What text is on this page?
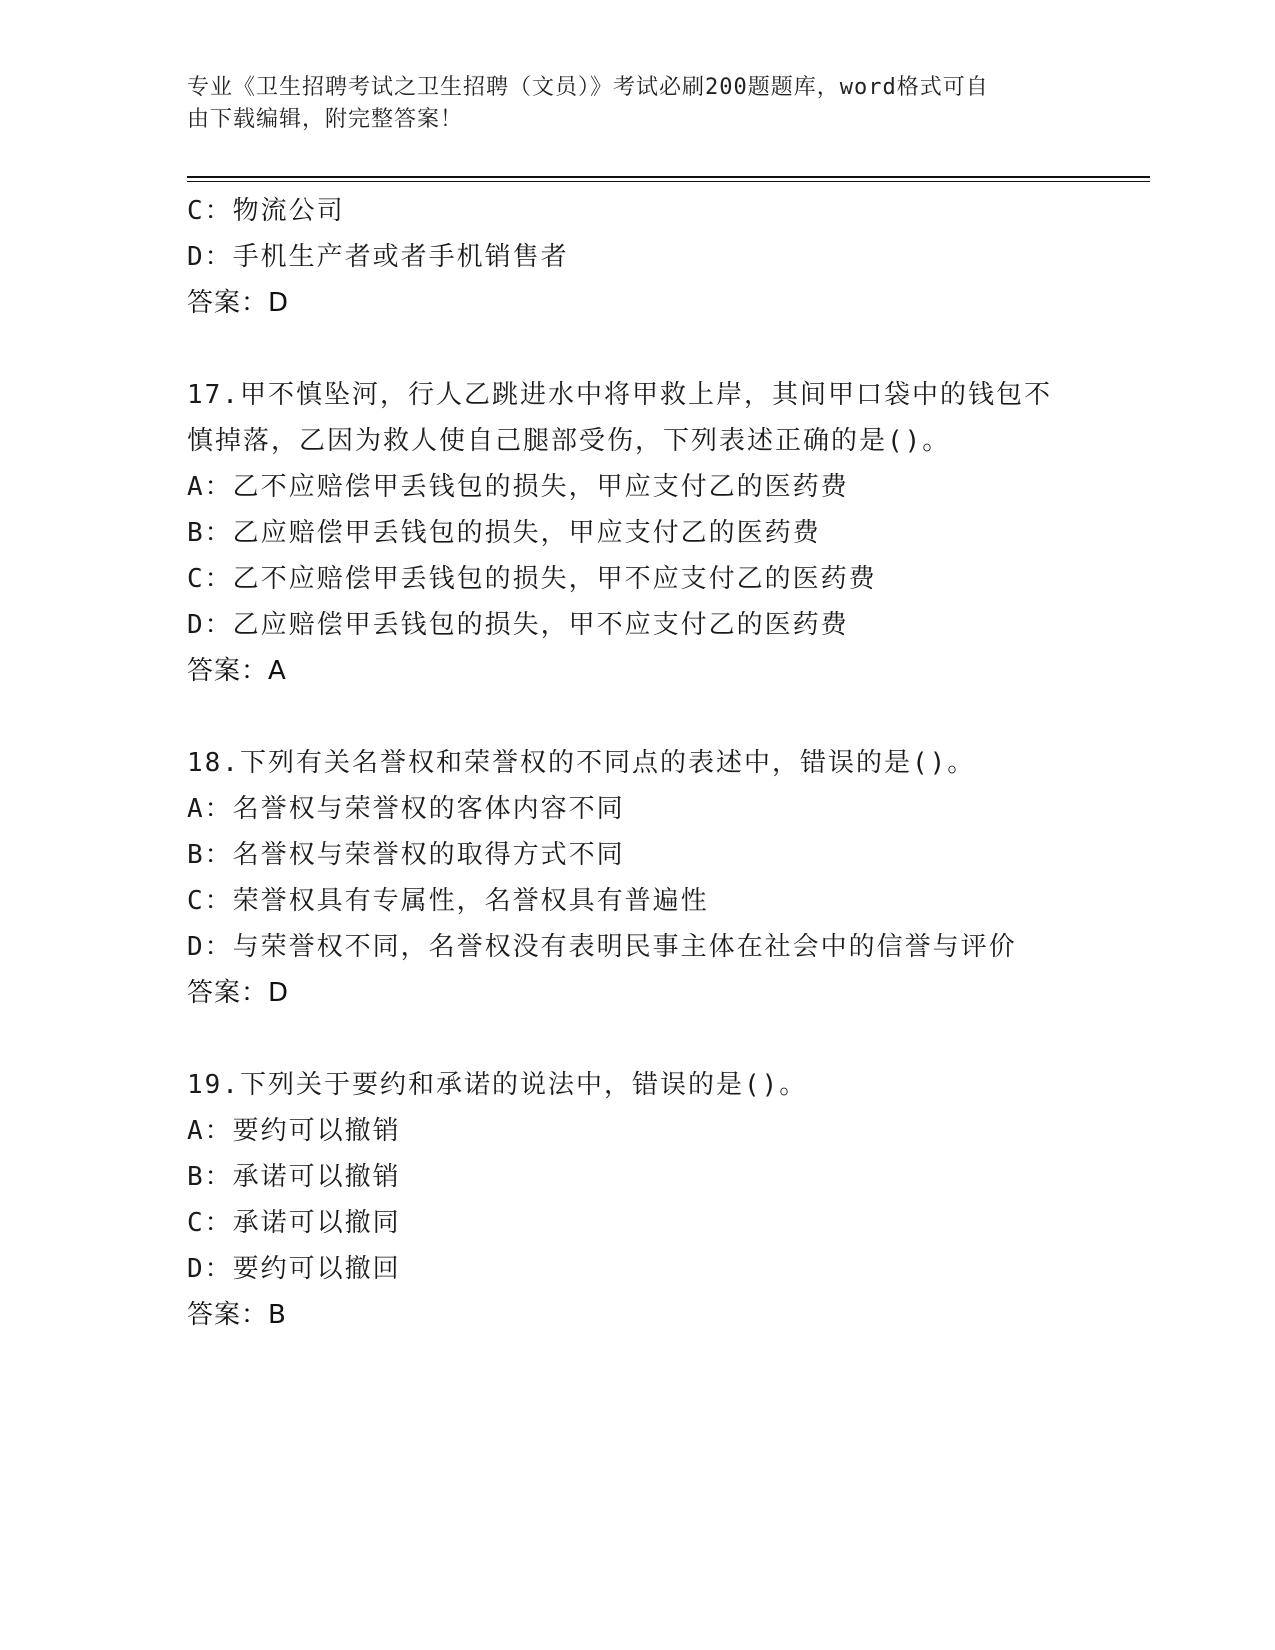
专业《卫生招聘考试之卫生招聘（文员）》考试必刷200题题库，word格式可自
由下载编辑，附完整答案！
C：物流公司
D：手机生产者或者手机销售者
答案：D
17.甲不慎坠河，行人乙跳进水中将甲救上岸，其间甲口袋中的钱包不
慎掉落，乙因为救人使自己腿部受伤，下列表述正确的是()。
A：乙不应赔偿甲丢钱包的损失，甲应支付乙的医药费
B：乙应赔偿甲丢钱包的损失，甲应支付乙的医药费
C：乙不应赔偿甲丢钱包的损失，甲不应支付乙的医药费
D：乙应赔偿甲丢钱包的损失，甲不应支付乙的医药费
答案：A
18.下列有关名誉权和荣誉权的不同点的表述中，错误的是()。
A：名誉权与荣誉权的客体内容不同
B：名誉权与荣誉权的取得方式不同
C：荣誉权具有专属性，名誉权具有普遍性
D：与荣誉权不同，名誉权没有表明民事主体在社会中的信誉与评价
答案：D
19.下列关于要约和承诺的说法中，错误的是()。
A：要约可以撤销
B：承诺可以撤销
C：承诺可以撤同
D：要约可以撤回
答案：B
